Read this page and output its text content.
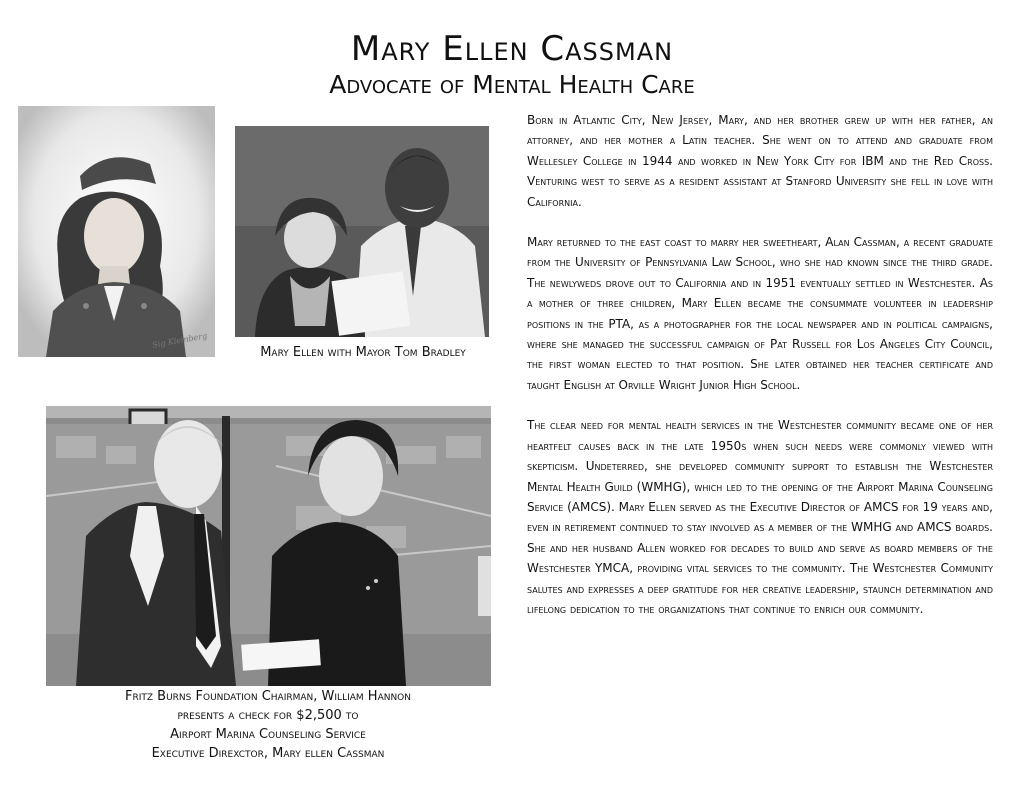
Mary Ellen Cassman
Advocate of Mental Health Care
Sig Kleinberg
Mary Ellen with Mayor Tom Bradley
Fritz Burns Foundation Chairman, William Hannon
presents a check for $2,500 to
Airport Marina Counseling Service
Executive Direxctor, Mary ellen Cassman

Born in Atlantic City, New Jersey, Mary, and her brother grew up with her father, an attorney, and her mother a Latin teacher. She went on to attend and graduate from Wellesley College in 1944 and worked in New York City for IBM and the Red Cross. Venturing west to serve as a resident assistant at Stanford University she fell in love with California.

Mary returned to the east coast to marry her sweetheart, Alan Cassman, a recent graduate from the University of Pennsylvania Law School, who she had known since the third grade. The newlyweds drove out to California and in 1951 eventually settled in Westchester. As a mother of three children, Mary Ellen became the consummate volunteer in leadership positions in the PTA, as a photographer for the local newspaper and in political campaigns, where she managed the successful campaign of Pat Russell for Los Angeles City Council, the first woman elected to that position. She later obtained her teacher certificate and taught English at Orville Wright Junior High School.

The clear need for mental health services in the Westchester community became one of her heartfelt causes back in the late 1950s when such needs were commonly viewed with skepticism. Undeterred, she developed community support to establish the Westchester Mental Health Guild (WMHG), which led to the opening of the Airport Marina Counseling Service (AMCS). Mary Ellen served as the Executive Director of AMCS for 19 years and, even in retirement continued to stay involved as a member of the WMHG and AMCS boards. She and her husband Allen worked for decades to build and serve as board members of the Westchester YMCA, providing vital services to the community. The Westchester Community salutes and expresses a deep gratitude for her creative leadership, staunch determination and lifelong dedication to the organizations that continue to enrich our community.
